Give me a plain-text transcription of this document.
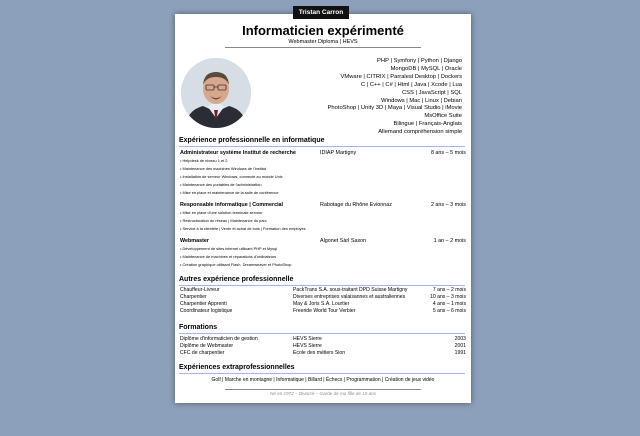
Tristan Carron
Informaticien expérimenté
Webmaster Diploma | HEVS
PHP | Symfony | Python | Django
MongoDB | MySQL | Oracle
VMware | CITRIX | Parralesl Desktop | Dockers
C | C++ | C# | Html | Java | Xcode | Lua
CSS | JavaScript | SQL
Windows | Mac | Linux | Debian
PhotoShop | Unity 3D | Maya | Visual Studio | iMovie
MsOffice Suite
Bilingue | Français-Anglais
Allemand compréhension simple
Expérience professionnelle en informatique
Administrateur système Institut de recherche	IDIAP Martigny	8 ans – 5 mois
• Helpdesk de niveau 1 et 2
• Maintenance des machines Windows de l'institut
• Installation de serveur Windows, connecté au monde Unix
• Maintenance des portables de l'administration
• Mise en place et maintenance de la salle de conférence
Responsable informatique | Commercial	Rabotage du Rhône Evionnaz	2 ans – 3 mois
• Mise en place d'une solution terminale serveur
• Restructuration du réseau | Maintenance du parc
• Service à la clientèle | Vente et achat de bois | Formation des employés
Webmaster	Algonet Sàrl Saxon	1 an – 2 mois
• Développement de sites internet utilisant PHP et Mysql
• Maintenance de machines et réparations d'ordinateurs
• Création graphique utilisant Flash, Dreamweaver et PhotoShop
Autres expérience professionnelle
Chauffeur-Livreur	PackTrans S.A. sous-traitant DPD Suisse Martigny	7 ans – 2 mois
Charpentier	Diverses entreprises valaisannes et australiennes	10 ans – 3 mois
Charpentier Apprenti	May & Joris S.A. Lourtier	4 ans – 1 mois
Coordinateur logistique	Freeride World Tour Verbier	5 ans – 6 mois
Formations
Diplôme d'informaticien de gestion	HEVS Sierre	2003
Diplôme de Webmaster	HEVS Sierre	2001
CFC de charpentier	Ecole des métiers Sion	1991
Expériences extraprofessionnelles
Golf | Marche en montagne | Informatique | Billard | Échecs | Programmation | Création de jeux vidéo
Né en 1972 – Divorcé – Garde de ma fille de 15 ans
